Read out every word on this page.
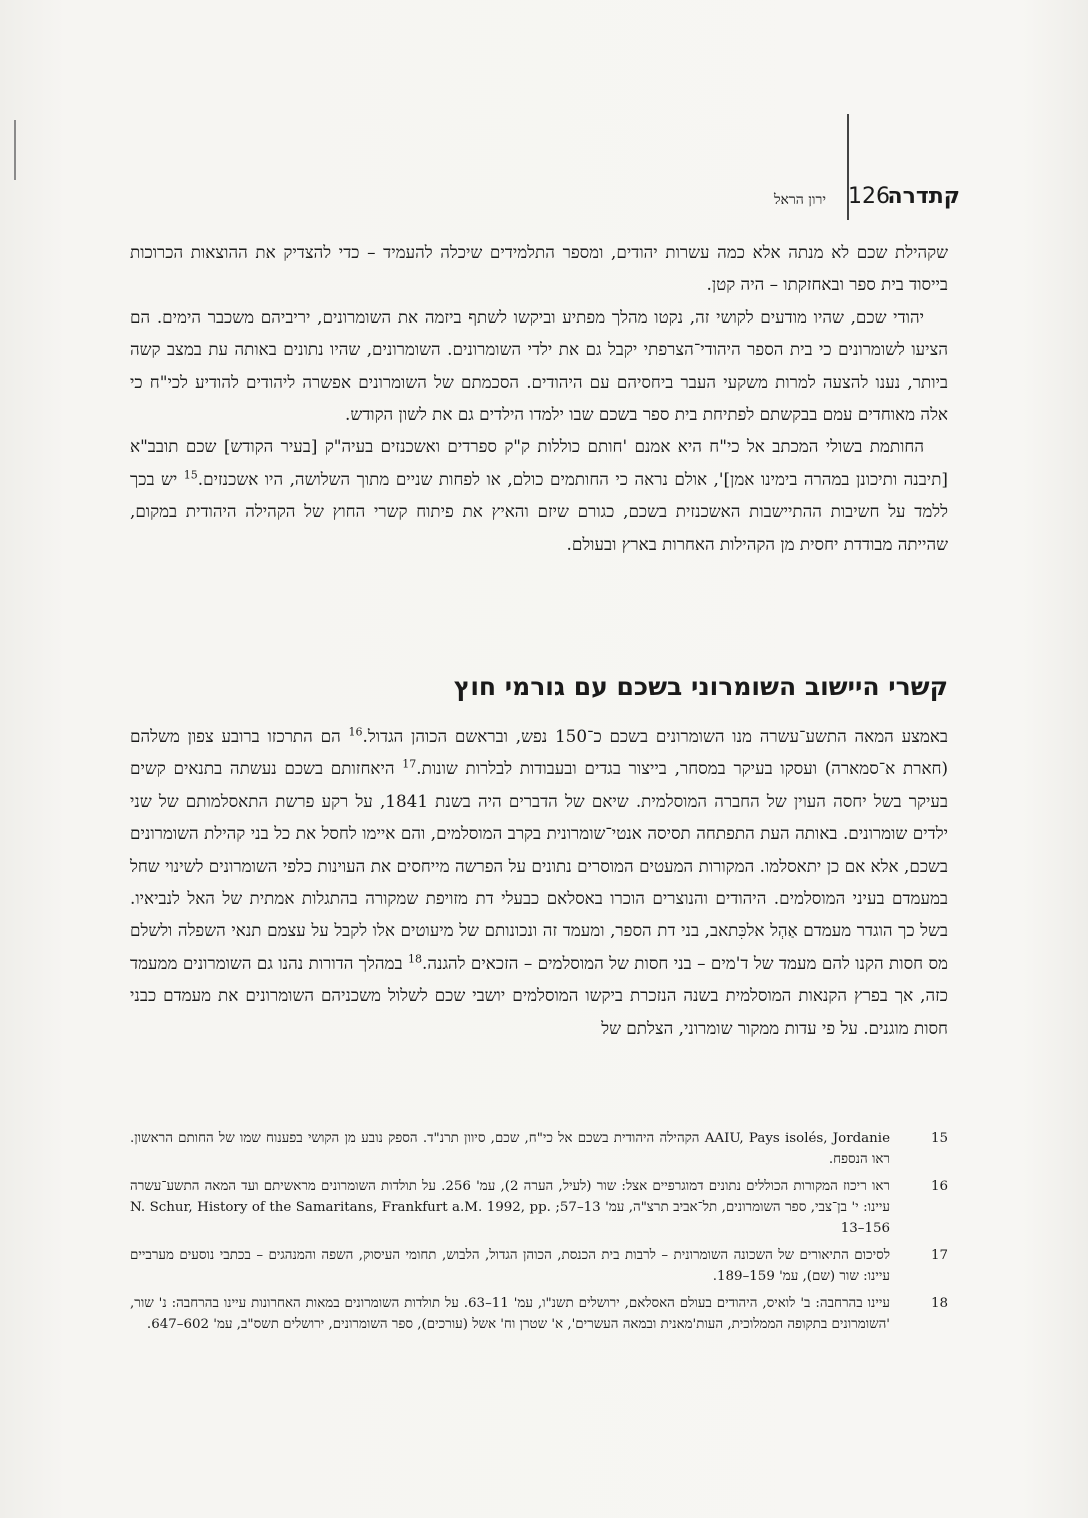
קתדרה
126
ירון הראל

שקהילת שכם לא מנתה אלא כמה עשרות יהודים, ומספר התלמידים שיכלה להעמיד – כדי להצדיק את ההוצאות הכרוכות בייסוד בית ספר ובאחזקתו – היה קטן.

יהודי שכם, שהיו מודעים לקושי זה, נקטו מהלך מפתיע וביקשו לשתף ביזמה את השומרונים, יריביהם משכבר הימים. הם הציעו לשומרונים כי בית הספר היהודי־הצרפתי יקבל גם את ילדי השומרונים. השומרונים, שהיו נתונים באותה עת במצב קשה ביותר, נענו להצעה למרות משקעי העבר ביחסיהם עם היהודים. הסכמתם של השומרונים אפשרה ליהודים להודיע לכי"ח כי אלה מאוחדים עמם בבקשתם לפתיחת בית ספר בשכם שבו ילמדו הילדים גם את לשון הקודש.

החותמת בשולי המכתב אל כי"ח היא אמנם 'חותם כוללות ק"ק ספרדים ואשכנזים בעיה"ק [בעיר הקודש] שכם תובב"א [תיבנה ותיכונן במהרה בימינו אמן]', אולם נראה כי החותמים כולם, או לפחות שניים מתוך השלושה, היו אשכנזים.$^{15}$ יש בכך ללמד על חשיבות ההתיישבות האשכנזית בשכם, כגורם שיזם והאיץ את פיתוח קשרי החוץ של הקהילה היהודית במקום, שהייתה מבודדת יחסית מן הקהילות האחרות בארץ ובעולם.

קשרי היישוב השומרוני בשכם עם גורמי חוץ

באמצע המאה התשע־עשרה מנו השומרונים בשכם כ־150 נפש, ובראשם הכוהן הגדול.$^{16}$ הם התרכזו ברובע צפון משלהם (חארת א־סמארה) ועסקו בעיקר במסחר, בייצור בגדים ובעבודות לבלרות שונות.$^{17}$ היאחזותם בשכם נעשתה בתנאים קשים בעיקר בשל יחסה העוין של החברה המוסלמית. שיאם של הדברים היה בשנת 1841, על רקע פרשת התאסלמותם של שני ילדים שומרונים. באותה העת התפתחה תסיסה אנטי־שומרונית בקרב המוסלמים, והם איימו לחסל את כל בני קהילת השומרונים בשכם, אלא אם כן יתאסלמו. המקורות המעטים המוסרים נתונים על הפרשה מייחסים את העוינות כלפי השומרונים לשינוי שחל במעמדם בעיני המוסלמים. היהודים והנוצרים הוכרו באסלאם כבעלי דת מזויפת שמקורה בהתגלות אמתית של האל לנביאיו. בשל כך הוגדר מעמדם אַהְל אלכִּתאב, בני דת הספר, ומעמד זה ונכונותם של מיעוטים אלו לקבל על עצמם תנאי השפלה ולשלם מס חסות הקנו להם מעמד של ד'מים – בני חסות של המוסלמים – הזכאים להגנה.$^{18}$ במהלך הדורות נהנו גם השומרונים ממעמד כזה, אך בפרץ הקנאות המוסלמית בשנה הנזכרת ביקשו המוסלמים יושבי שכם לשלול משכניהם השומרונים את מעמדם כבני חסות מוגנים. על פי עדות ממקור שומרוני, הצלתם של

15
AAIU, Pays isolés, Jordanie הקהילה היהודית בשכם אל כי"ח, שכם, סיוון תרנ"ד. הספק נובע מן הקושי בפענוח שמו של החותם הראשון. ראו הנספח.
16
ראו ריכוז המקורות הכוללים נתונים דמוגרפיים אצל: שור (לעיל, הערה 2), עמ' 256. על תולדות השומרונים מראשיתם ועד המאה התשע־עשרה עיינו: י' בן־צבי, ספר השומרונים, תל־אביב תרצ"ה, עמ' 13–57; N. Schur, History of the Samaritans, Frankfurt a.M. 1992, pp. 13–156
17
לסיכום התיאורים של השכונה השומרונית – לרבות בית הכנסת, הכוהן הגדול, הלבוש, תחומי העיסוק, השפה והמנהגים – בכתבי נוסעים מערביים עיינו: שור (שם), עמ' 159–189.
18
עיינו בהרחבה: ב' לואיס, היהודים בעולם האסלאם, ירושלים תשנ"ו, עמ' 11–63. על תולדות השומרונים במאות האחרונות עיינו בהרחבה: נ' שור, 'השומרונים בתקופה הממלוכית, העות'מאנית ובמאה העשרים', א' שטרן וח' אשל (עורכים), ספר השומרונים, ירושלים תשס"ב, עמ' 602–647.
